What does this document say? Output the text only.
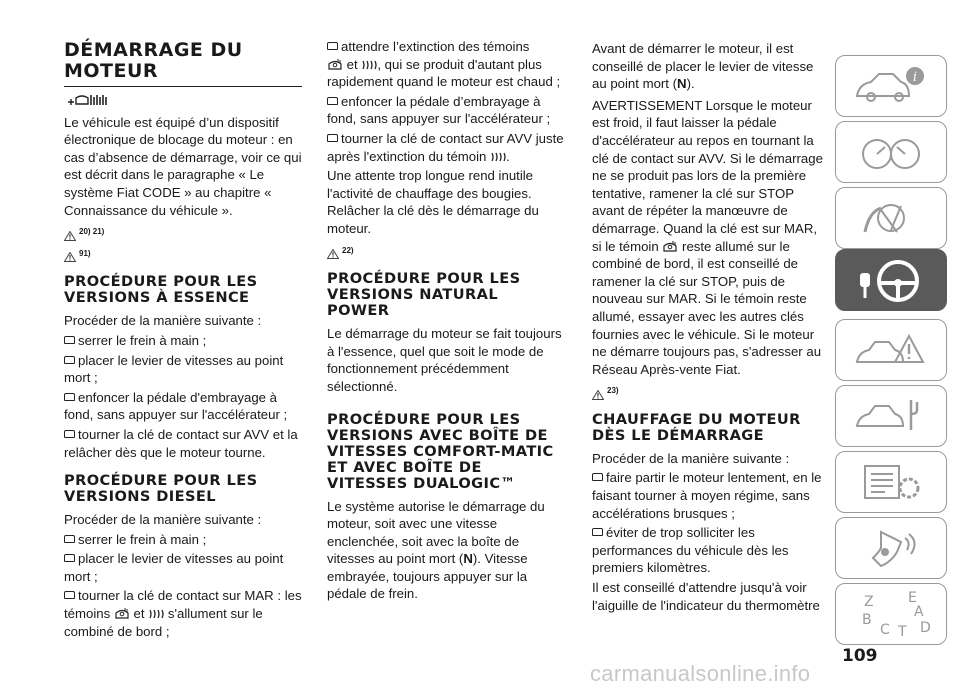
DÉMARRAGE DU MOTEUR

Le véhicule est équipé d’un dispositif électronique de blocage du moteur : en cas d’absence de démarrage, voir ce qui est décrit dans le paragraphe « Le système Fiat CODE » au chapitre « Connaissance du véhicule ».

20) 21)
91)
PROCÉDURE POUR LES VERSIONS À ESSENCE

Procéder de la manière suivante :

serrer le frein à main ;

placer le levier de vitesses au point mort ;

enfoncer la pédale d'embrayage à fond, sans appuyer sur l'accélérateur ;

tourner la clé de contact sur AVV et la relâcher dès que le moteur tourne.

PROCÉDURE POUR LES VERSIONS DIESEL

Procéder de la manière suivante :

serrer le frein à main ;

placer le levier de vitesses au point mort ;

tourner la clé de contact sur MAR : les témoins et s'allument sur le combiné de bord ;

attendre l’extinction des témoins
et , qui se produit d'autant plus rapidement quand le moteur est chaud ;

enfoncer la pédale d’embrayage à fond, sans appuyer sur l'accélérateur ;

tourner la clé de contact sur AVV juste après l'extinction du témoin .

Une attente trop longue rend inutile l'activité de chauffage des bougies. Relâcher la clé dès le démarrage du moteur.

22)
PROCÉDURE POUR LES VERSIONS NATURAL POWER

Le démarrage du moteur se fait toujours à l'essence, quel que soit le mode de fonctionnement précédemment sélectionné.

PROCÉDURE POUR LES VERSIONS AVEC BOÎTE DE VITESSES COMFORT-MATIC ET AVEC BOÎTE DE VITESSES DUALOGIC™

Le système autorise le démarrage du moteur, soit avec une vitesse enclenchée, soit avec la boîte de vitesses au point mort (N). Vitesse embrayée, toujours appuyer sur la pédale de frein.

Avant de démarrer le moteur, il est conseillé de placer le levier de vitesse au point mort (N).

AVERTISSEMENT Lorsque le moteur est froid, il faut laisser la pédale d'accélérateur au repos en tournant la clé de contact sur AVV. Si le démarrage ne se produit pas lors de la première tentative, ramener la clé sur STOP avant de répéter la manœuvre de démarrage. Quand la clé est sur MAR, si le témoin reste allumé sur le combiné de bord, il est conseillé de ramener la clé sur STOP, puis de nouveau sur MAR. Si le témoin reste allumé, essayer avec les autres clés fournies avec le véhicule. Si le moteur ne démarre toujours pas, s'adresser au Réseau Après-vente Fiat.

23)
CHAUFFAGE DU MOTEUR DÈS LE DÉMARRAGE

Procéder de la manière suivante :

faire partir le moteur lentement, en le faisant tourner à moyen régime, sans accélérations brusques ;

éviter de trop solliciter les performances du véhicule dès les premiers kilomètres.

Il est conseillé d'attendre jusqu'à voir l'aiguille de l'indicateur du thermomètre

i
Z E
B
C T
A
D
109
carmanualsonline.info
